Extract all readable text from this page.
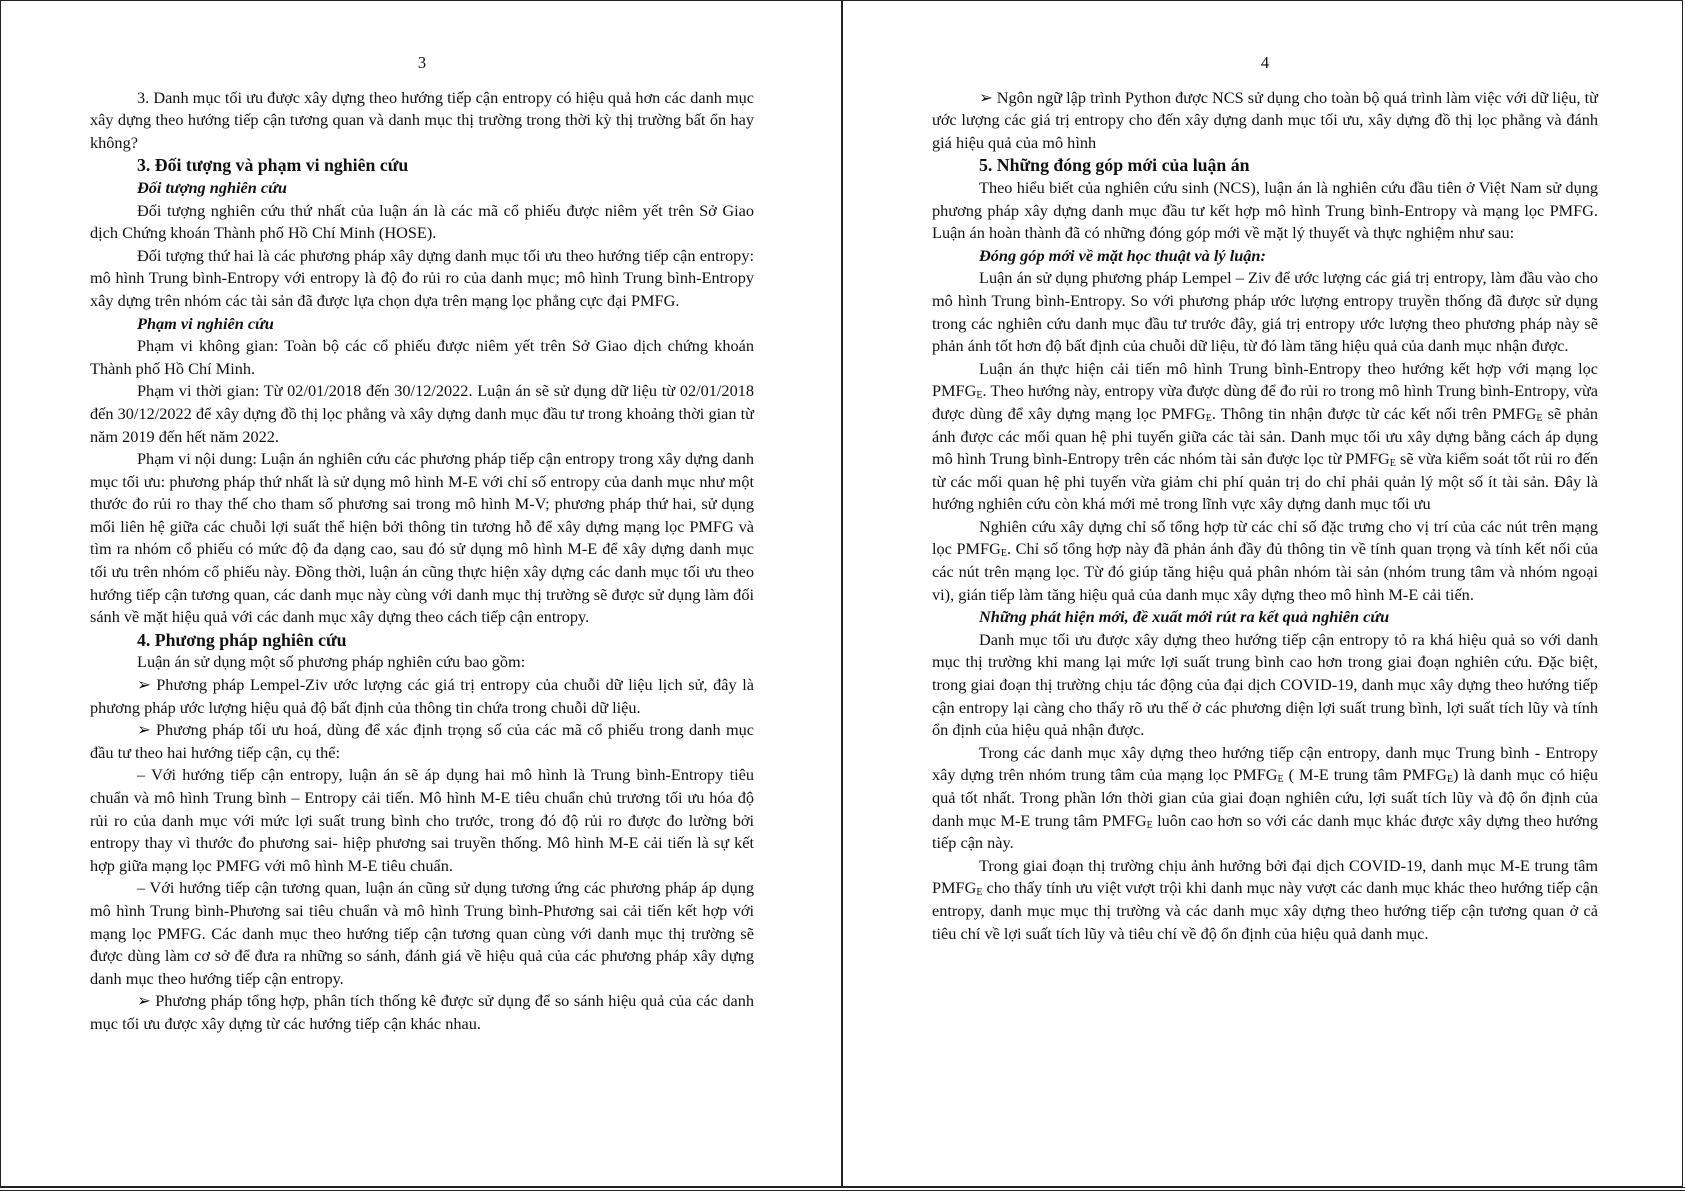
3

3. Danh mục tối ưu được xây dựng theo hướng tiếp cận entropy có hiệu quả hơn các danh mục xây dựng theo hướng tiếp cận tương quan và danh mục thị trường trong thời kỳ thị trường bất ổn hay không?

3. Đối tượng và phạm vi nghiên cứu
Đối tượng nghiên cứu

Đối tượng nghiên cứu thứ nhất của luận án là các mã cổ phiếu được niêm yết trên Sở Giao dịch Chứng khoán Thành phố Hồ Chí Minh (HOSE).

Đối tượng thứ hai là các phương pháp xây dựng danh mục tối ưu theo hướng tiếp cận entropy: mô hình Trung bình-Entropy với entropy là độ đo rủi ro của danh mục; mô hình Trung bình-Entropy xây dựng trên nhóm các tài sản đã được lựa chọn dựa trên mạng lọc phẳng cực đại PMFG.

Phạm vi nghiên cứu

Phạm vi không gian: Toàn bộ các cổ phiếu được niêm yết trên Sở Giao dịch chứng khoán Thành phố Hồ Chí Minh.

Phạm vi thời gian: Từ 02/01/2018 đến 30/12/2022. Luận án sẽ sử dụng dữ liệu từ 02/01/2018 đến 30/12/2022 để xây dựng đồ thị lọc phẳng và xây dựng danh mục đầu tư trong khoảng thời gian từ năm 2019 đến hết năm 2022.

Phạm vi nội dung: Luận án nghiên cứu các phương pháp tiếp cận entropy trong xây dựng danh mục tối ưu: phương pháp thứ nhất là sử dụng mô hình M-E với chỉ số entropy của danh mục như một thước đo rủi ro thay thế cho tham số phương sai trong mô hình M-V; phương pháp thứ hai, sử dụng mối liên hệ giữa các chuỗi lợi suất thể hiện bởi thông tin tương hỗ để xây dựng mạng lọc PMFG và tìm ra nhóm cổ phiếu có mức độ đa dạng cao, sau đó sử dụng mô hình M-E để xây dựng danh mục tối ưu trên nhóm cổ phiếu này. Đồng thời, luận án cũng thực hiện xây dựng các danh mục tối ưu theo hướng tiếp cận tương quan, các danh mục này cùng với danh mục thị trường sẽ được sử dụng làm đối sánh về mặt hiệu quả với các danh mục xây dựng theo cách tiếp cận entropy.

4. Phương pháp nghiên cứu

Luận án sử dụng một số phương pháp nghiên cứu bao gồm:

➢ Phương pháp Lempel-Ziv ước lượng các giá trị entropy của chuỗi dữ liệu lịch sử, đây là phương pháp ước lượng hiệu quả độ bất định của thông tin chứa trong chuỗi dữ liệu.

➢ Phương pháp tối ưu hoá, dùng để xác định trọng số của các mã cổ phiếu trong danh mục đầu tư theo hai hướng tiếp cận, cụ thể:

– Với hướng tiếp cận entropy, luận án sẽ áp dụng hai mô hình là Trung bình-Entropy tiêu chuẩn và mô hình Trung bình – Entropy cải tiến. Mô hình M-E tiêu chuẩn chủ trương tối ưu hóa độ rủi ro của danh mục với mức lợi suất trung bình cho trước, trong đó độ rủi ro được đo lường bởi entropy thay vì thước đo phương sai- hiệp phương sai truyền thống. Mô hình M-E cải tiến là sự kết hợp giữa mạng lọc PMFG với mô hình M-E tiêu chuẩn.

– Với hướng tiếp cận tương quan, luận án cũng sử dụng tương ứng các phương pháp áp dụng mô hình Trung bình-Phương sai tiêu chuẩn và mô hình Trung bình-Phương sai cải tiến kết hợp với mạng lọc PMFG. Các danh mục theo hướng tiếp cận tương quan cùng với danh mục thị trường sẽ được dùng làm cơ sở để đưa ra những so sánh, đánh giá về hiệu quả của các phương pháp xây dựng danh mục theo hướng tiếp cận entropy.

➢ Phương pháp tổng hợp, phân tích thống kê được sử dụng để so sánh hiệu quả của các danh mục tối ưu được xây dựng từ các hướng tiếp cận khác nhau.

4

➢ Ngôn ngữ lập trình Python được NCS sử dụng cho toàn bộ quá trình làm việc với dữ liệu, từ ước lượng các giá trị entropy cho đến xây dựng danh mục tối ưu, xây dựng đồ thị lọc phẳng và đánh giá hiệu quả của mô hình

5. Những đóng góp mới của luận án

Theo hiểu biết của nghiên cứu sinh (NCS), luận án là nghiên cứu đầu tiên ở Việt Nam sử dụng phương pháp xây dựng danh mục đầu tư kết hợp mô hình Trung bình-Entropy và mạng lọc PMFG. Luận án hoàn thành đã có những đóng góp mới về mặt lý thuyết và thực nghiệm như sau:

Đóng góp mới về mặt học thuật và lý luận:

Luận án sử dụng phương pháp Lempel – Ziv để ước lượng các giá trị entropy, làm đầu vào cho mô hình Trung bình-Entropy. So với phương pháp ước lượng entropy truyền thống đã được sử dụng trong các nghiên cứu danh mục đầu tư trước đây, giá trị entropy ước lượng theo phương pháp này sẽ phản ánh tốt hơn độ bất định của chuỗi dữ liệu, từ đó làm tăng hiệu quả của danh mục nhận được.

Luận án thực hiện cải tiến mô hình Trung bình-Entropy theo hướng kết hợp với mạng lọc $PMFG_E$. Theo hướng này, entropy vừa được dùng để đo rủi ro trong mô hình Trung bình-Entropy, vừa được dùng để xây dựng mạng lọc $PMFG_E$. Thông tin nhận được từ các kết nối trên $PMFG_E$ sẽ phản ánh được các mối quan hệ phi tuyến giữa các tài sản. Danh mục tối ưu xây dựng bằng cách áp dụng mô hình Trung bình-Entropy trên các nhóm tài sản được lọc từ $PMFG_E$ sẽ vừa kiểm soát tốt rủi ro đến từ các mối quan hệ phi tuyến vừa giảm chi phí quản trị do chỉ phải quản lý một số ít tài sản. Đây là hướng nghiên cứu còn khá mới mẻ trong lĩnh vực xây dựng danh mục tối ưu

Nghiên cứu xây dựng chỉ số tổng hợp từ các chỉ số đặc trưng cho vị trí của các nút trên mạng lọc $PMFG_E$. Chỉ số tổng hợp này đã phản ánh đầy đủ thông tin về tính quan trọng và tính kết nối của các nút trên mạng lọc. Từ đó giúp tăng hiệu quả phân nhóm tài sản (nhóm trung tâm và nhóm ngoại vi), gián tiếp làm tăng hiệu quả của danh mục xây dựng theo mô hình M-E cải tiến.

Những phát hiện mới, đề xuất mới rút ra kết quả nghiên cứu

Danh mục tối ưu được xây dựng theo hướng tiếp cận entropy tỏ ra khá hiệu quả so với danh mục thị trường khi mang lại mức lợi suất trung bình cao hơn trong giai đoạn nghiên cứu. Đặc biệt, trong giai đoạn thị trường chịu tác động của đại dịch COVID-19, danh mục xây dựng theo hướng tiếp cận entropy lại càng cho thấy rõ ưu thế ở các phương diện lợi suất trung bình, lợi suất tích lũy và tính ổn định của hiệu quả nhận được.

Trong các danh mục xây dựng theo hướng tiếp cận entropy, danh mục Trung bình - Entropy xây dựng trên nhóm trung tâm của mạng lọc $PMFG_E$ ( M-E trung tâm $PMFG_E$) là danh mục có hiệu quả tốt nhất. Trong phần lớn thời gian của giai đoạn nghiên cứu, lợi suất tích lũy và độ ổn định của danh mục M-E trung tâm $PMFG_E$ luôn cao hơn so với các danh mục khác được xây dựng theo hướng tiếp cận này.

Trong giai đoạn thị trường chịu ảnh hưởng bởi đại dịch COVID-19, danh mục M-E trung tâm $PMFG_E$ cho thấy tính ưu việt vượt trội khi danh mục này vượt các danh mục khác theo hướng tiếp cận entropy, danh mục mục thị trường và các danh mục xây dựng theo hướng tiếp cận tương quan ở cả tiêu chí về lợi suất tích lũy và tiêu chí về độ ổn định của hiệu quả danh mục.
